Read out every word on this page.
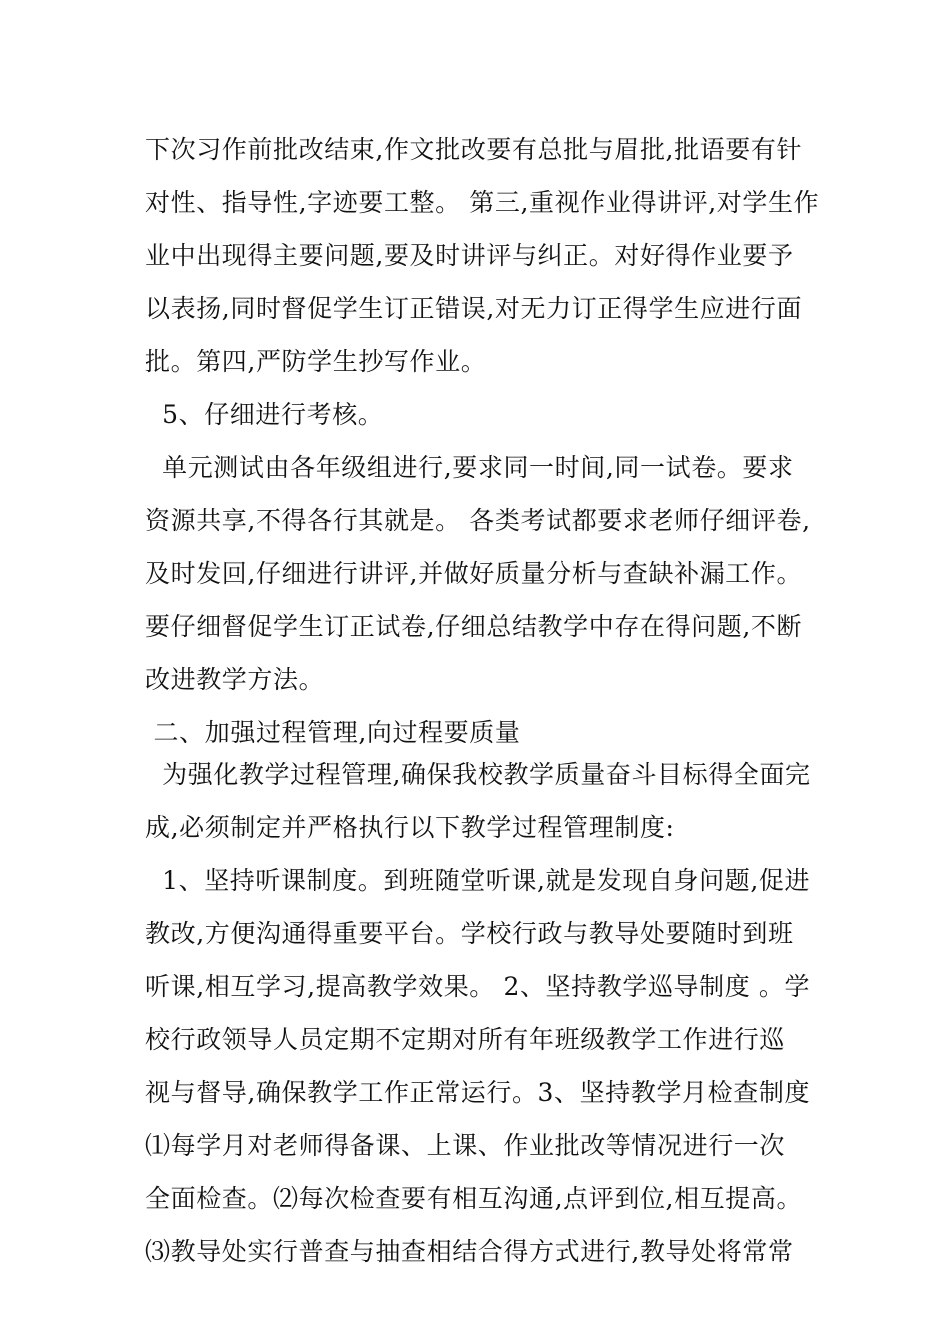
下次习作前批改结束,作文批改要有总批与眉批,批语要有针
对性、指导性,字迹要工整。 第三,重视作业得讲评,对学生作
业中出现得主要问题,要及时讲评与纠正。对好得作业要予
以表扬,同时督促学生订正错误,对无力订正得学生应进行面
批。第四,严防学生抄写作业。
5、仔细进行考核。
单元测试由各年级组进行,要求同一时间,同一试卷。要求
资源共享,不得各行其就是。 各类考试都要求老师仔细评卷,
及时发回,仔细进行讲评,并做好质量分析与查缺补漏工作。
要仔细督促学生订正试卷,仔细总结教学中存在得问题,不断
改进教学方法。
二、加强过程管理,向过程要质量
为强化教学过程管理,确保我校教学质量奋斗目标得全面完
成,必须制定并严格执行以下教学过程管理制度:
1、坚持听课制度。到班随堂听课,就是发现自身问题,促进
教改,方便沟通得重要平台。学校行政与教导处要随时到班
听课,相互学习,提高教学效果。 2、坚持教学巡导制度 。学
校行政领导人员定期不定期对所有年班级教学工作进行巡
视与督导,确保教学工作正常运行。3、坚持教学月检查制度
⑴每学月对老师得备课、上课、作业批改等情况进行一次
全面检查。⑵每次检查要有相互沟通,点评到位,相互提高。
⑶教导处实行普查与抽查相结合得方式进行,教导处将常常
